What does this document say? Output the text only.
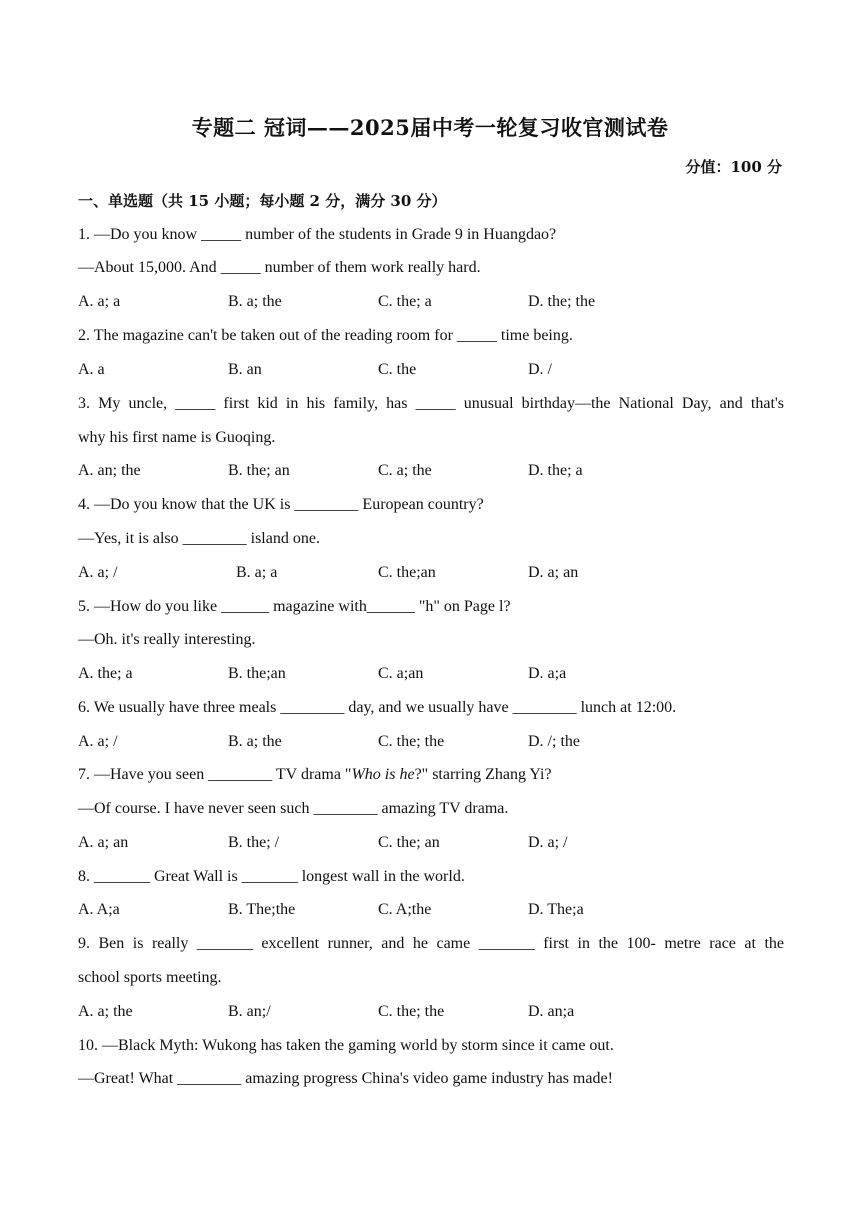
专题二 冠词——2025届中考一轮复习收官测试卷
分值：100 分
一、单选题（共 15 小题；每小题 2 分，满分 30 分）
1. —Do you know _____ number of the students in Grade 9 in Huangdao?
—About 15,000. And _____ number of them work really hard.
A. a; a	B. a; the	C. the; a	D. the; the
2. The magazine can't be taken out of the reading room for _____ time being.
A. a	B. an	C. the	D. /
3. My uncle, _____ first kid in his family, has _____ unusual birthday—the National Day, and that's
why his first name is Guoqing.
A. an; the	B. the; an	C. a; the	D. the; a
4. —Do you know that the UK is ________ European country?
—Yes, it is also ________ island one.
A. a; /	B. a; a	C. the;an	D. a; an
5. —How do you like ______ magazine with______ "h" on Page l?
—Oh. it's really interesting.
A. the; a	B. the;an	C. a;an	D. a;a
6. We usually have three meals ________ day, and we usually have ________ lunch at 12:00.
A. a; /	B. a; the	C. the; the	D. /; the
7. ―Have you seen ________ TV drama "Who is he?" starring Zhang Yi?
—Of course. I have never seen such ________ amazing TV drama.
A. a; an	B. the; /	C. the; an	D. a; /
8. _______ Great Wall is _______ longest wall in the world.
A. A;a	B. The;the	C. A;the	D. The;a
9. Ben is really _______ excellent runner, and he came _______ first in the 100- metre race at the
school sports meeting.
A. a; the	B. an;/	C. the; the	D. an;a
10. —Black Myth: Wukong has taken the gaming world by storm since it came out.
—Great! What ________ amazing progress China's video game industry has made!
